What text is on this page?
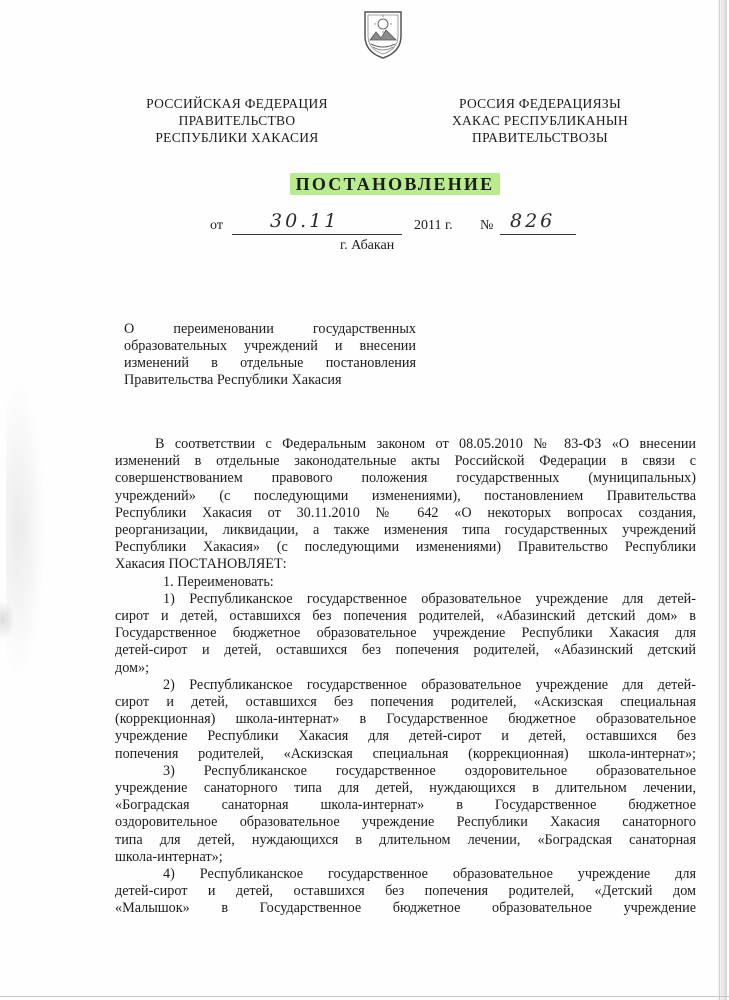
РОССИЙСКАЯ ФЕДЕРАЦИЯ
ПРАВИТЕЛЬСТВО
РЕСПУБЛИКИ ХАКАСИЯ
РОССИЯ ФЕДЕРАЦИЯЗЫ
ХАКАС РЕСПУБЛИКАНЫН
ПРАВИТЕЛЬСТВОЗЫ
ПОСТАНОВЛЕНИЕ
от 30.11	2011 г. № 826
г. Абакан
О переименовании государственных
образовательных учреждений и внесении
изменений в отдельные постановления
Правительства Республики Хакасия
В соответствии с Федеральным законом от 08.05.2010 № 83-ФЗ «О внесении
изменений в отдельные законодательные акты Российской Федерации в связи с
совершенствованием правового положения государственных (муниципальных)
учреждений» (с последующими изменениями), постановлением Правительства
Республики Хакасия от 30.11.2010 № 642 «О некоторых вопросах создания,
реорганизации, ликвидации, а также изменения типа государственных учреждений
Республики Хакасия» (с последующими изменениями) Правительство Республики
Хакасия ПОСТАНОВЛЯЕТ:
1. Переименовать:
1) Республиканское государственное образовательное учреждение для детей-
сирот и детей, оставшихся без попечения родителей, «Абазинский детский дом» в
Государственное бюджетное образовательное учреждение Республики Хакасия для
детей-сирот и детей, оставшихся без попечения родителей, «Абазинский детский
дом»;
2) Республиканское государственное образовательное учреждение для детей-
сирот и детей, оставшихся без попечения родителей, «Аскизская специальная
(коррекционная) школа-интернат» в Государственное бюджетное образовательное
учреждение Республики Хакасия для детей-сирот и детей, оставшихся без
попечения родителей, «Аскизская специальная (коррекционная) школа-интернат»;
3) Республиканское государственное оздоровительное образовательное
учреждение санаторного типа для детей, нуждающихся в длительном лечении,
«Боградская санаторная школа-интернат» в Государственное бюджетное
оздоровительное образовательное учреждение Республики Хакасия санаторного
типа для детей, нуждающихся в длительном лечении, «Боградская санаторная
школа-интернат»;
4) Республиканское государственное образовательное учреждение для
детей-сирот и детей, оставшихся без попечения родителей, «Детский дом
«Малышок» в Государственное бюджетное образовательное учреждение
